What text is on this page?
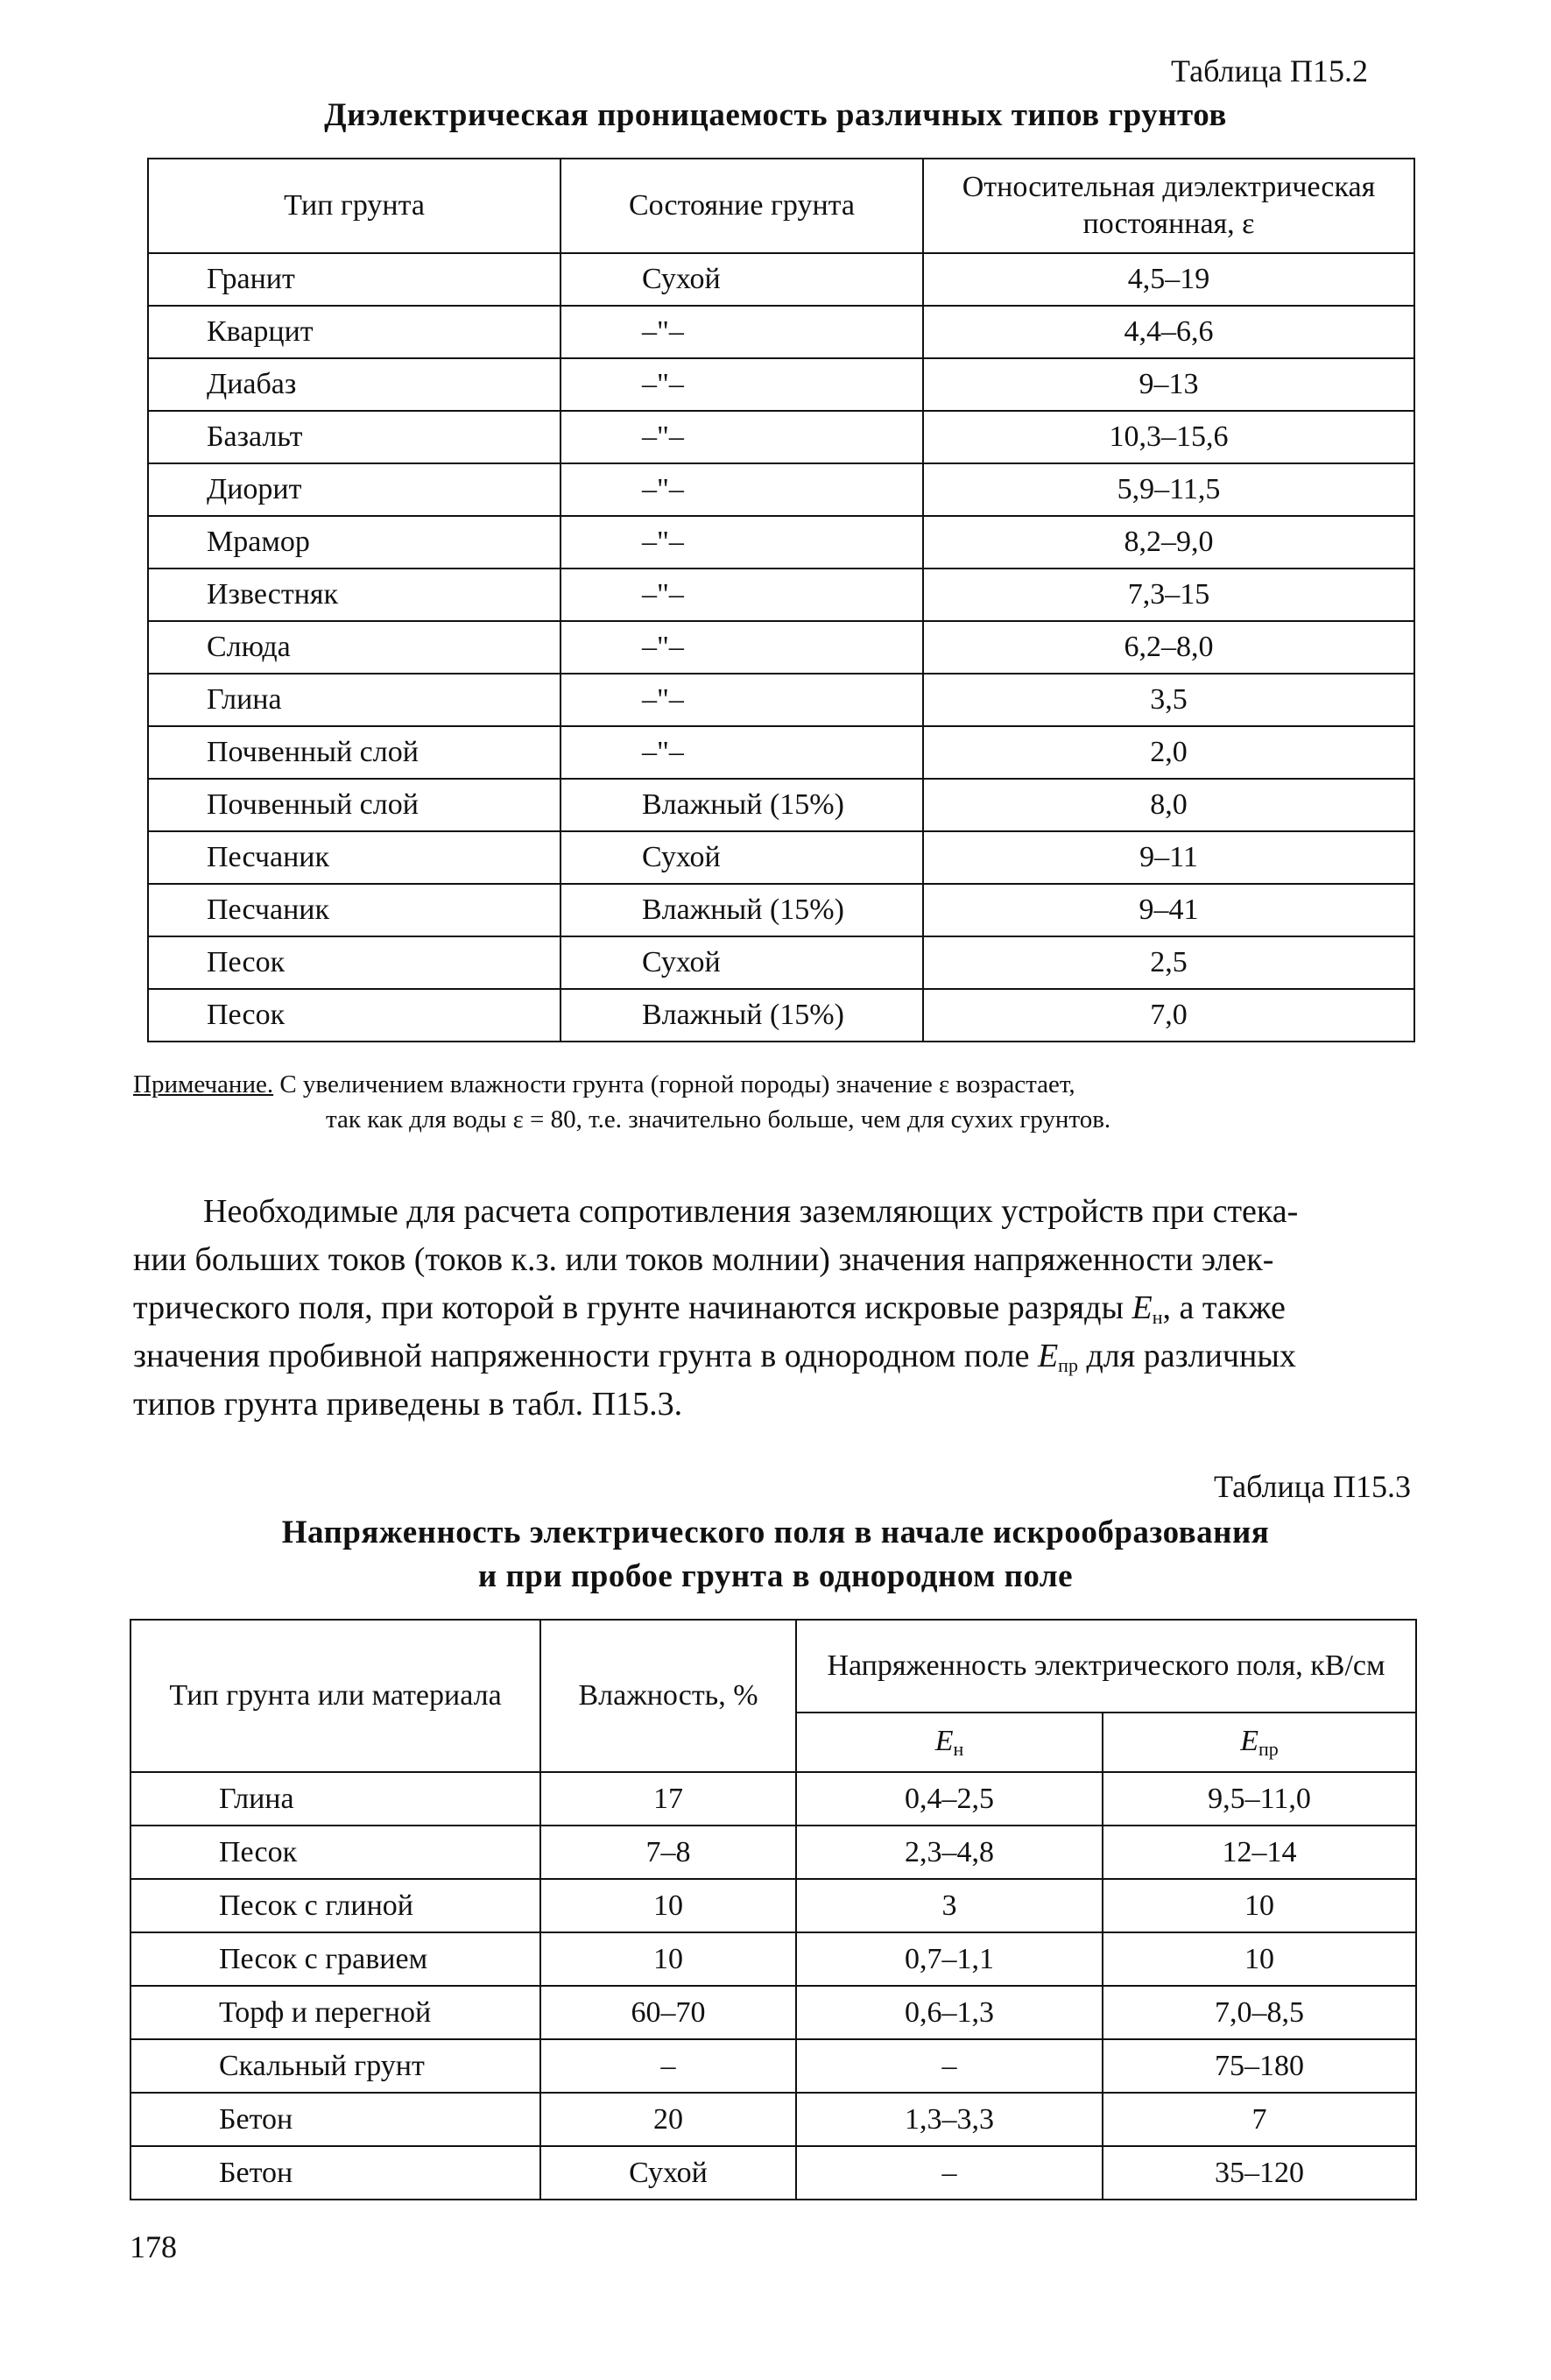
Таблица П15.2
Диэлектрическая проницаемость различных типов грунтов
Тип грунта	Состояние грунта	Относительная диэлектрическая постоянная, ε
Гранит	Сухой	4,5–19
Кварцит	–"–	4,4–6,6
Диабаз	–"–	9–13
Базальт	–"–	10,3–15,6
Диорит	–"–	5,9–11,5
Мрамор	–"–	8,2–9,0
Известняк	–"–	7,3–15
Слюда	–"–	6,2–8,0
Глина	–"–	3,5
Почвенный слой	–"–	2,0
Почвенный слой	Влажный (15%)	8,0
Песчаник	Сухой	9–11
Песчаник	Влажный (15%)	9–41
Песок	Сухой	2,5
Песок	Влажный (15%)	7,0
Примечание. С увеличением влажности грунта (горной породы) значение ε возрастает,
так как для воды ε = 80, т.е. значительно больше, чем для сухих грунтов.
Необходимые для расчета сопротивления заземляющих устройств при стека-
нии больших токов (токов к.з. или токов молнии) значения напряженности элек-
трического поля, при которой в грунте начинаются искровые разряды $E_н$, а также
значения пробивной напряженности грунта в однородном поле $E_{пр}$ для различных
типов грунта приведены в табл. П15.3.
Таблица П15.3
Напряженность электрического поля в начале искрообразования
и при пробое грунта в однородном поле
Тип грунта или материала	Влажность, %	Напряженность электрического поля, кВ/см	
		$E_н$	$E_{пр}$
Глина	17	0,4–2,5	9,5–11,0
Песок	7–8	2,3–4,8	12–14
Песок с глиной	10	3	10
Песок с гравием	10	0,7–1,1	10
Торф и перегной	60–70	0,6–1,3	7,0–8,5
Скальный грунт	–	–	75–180
Бетон	20	1,3–3,3	7
Бетон	Сухой	–	35–120
178
